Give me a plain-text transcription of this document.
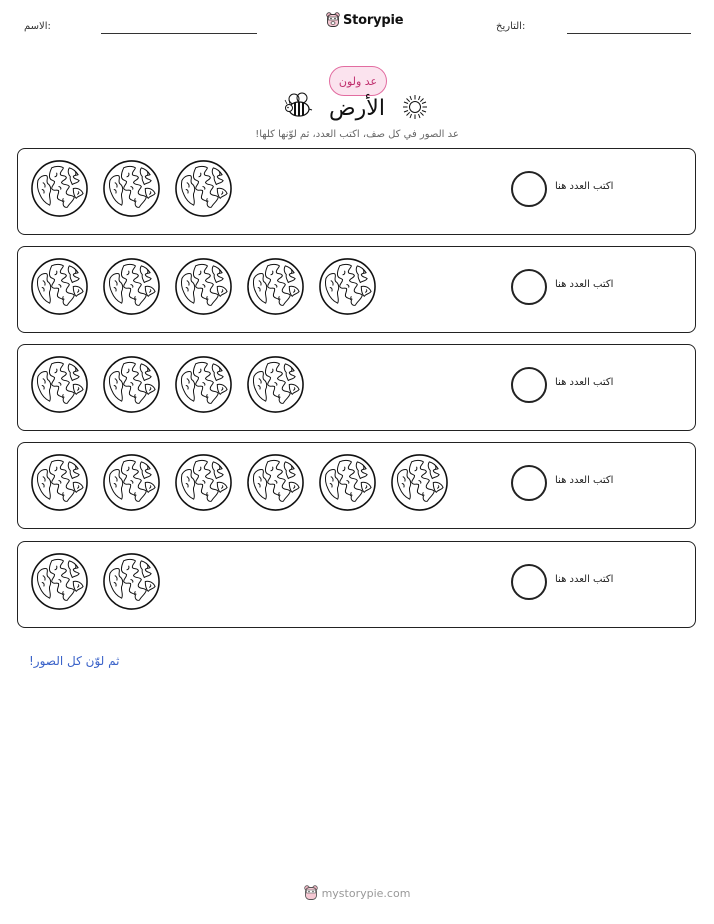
الاسم:	Storypie	التاريخ:
عد ولون
الأرض
عد الصور في كل صف، اكتب العدد، ثم لوّنها كلها!
اكتب العدد هنا
اكتب العدد هنا
اكتب العدد هنا
اكتب العدد هنا
اكتب العدد هنا
ثم لوّن كل الصور!
mystorypie.com
